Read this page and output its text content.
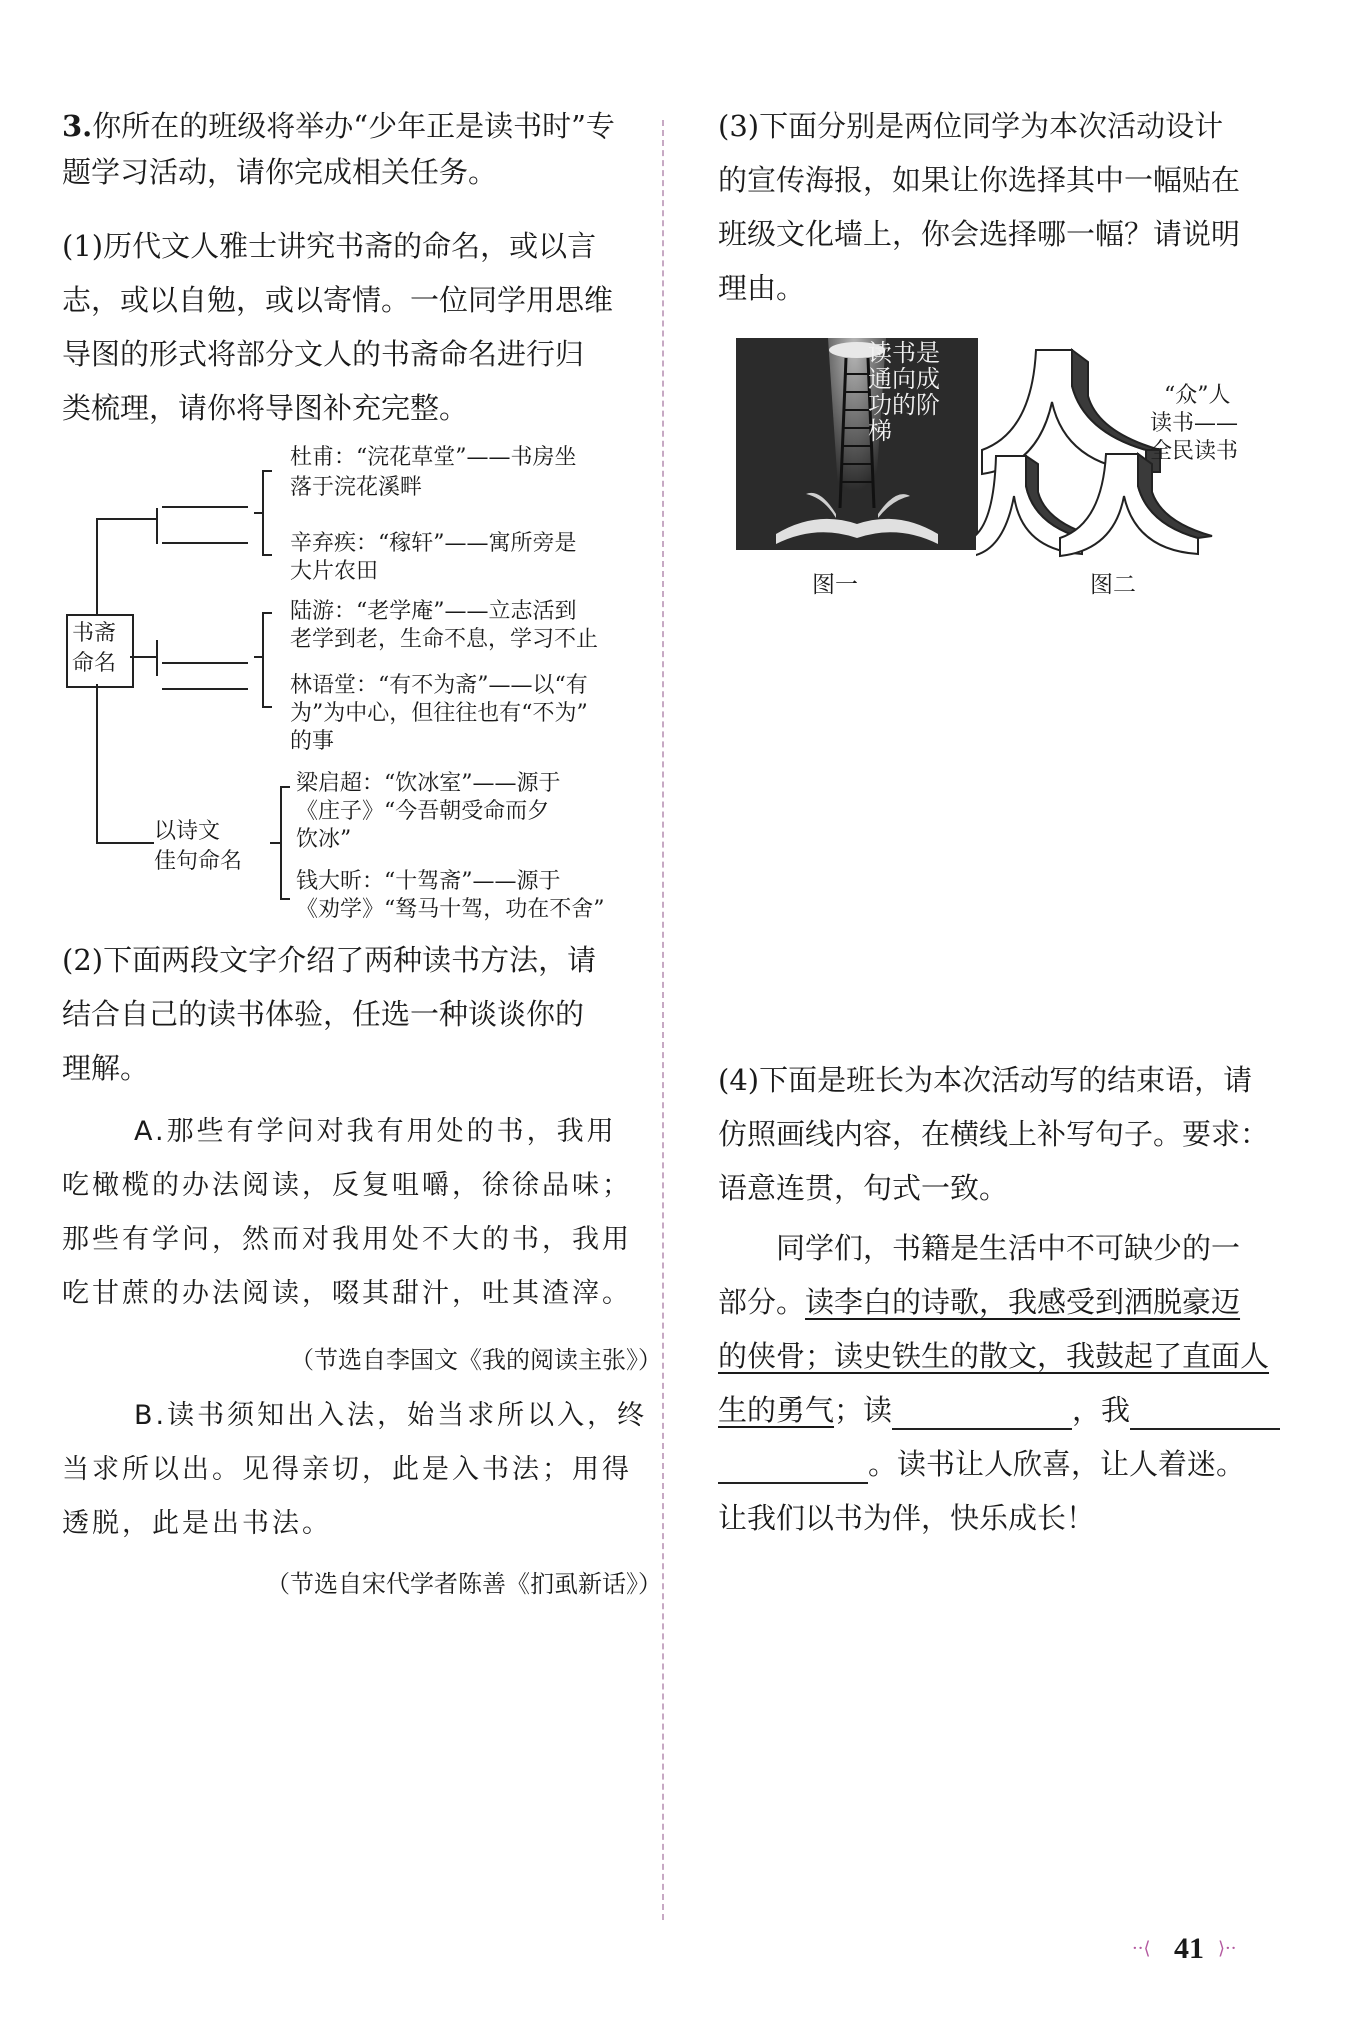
3.你所在的班级将举办“少年正是读书时”专
题学习活动，请你完成相关任务。
(1)历代文人雅士讲究书斋的命名，或以言
志，或以自勉，或以寄情。一位同学用思维
导图的形式将部分文人的书斋命名进行归
类梳理，请你将导图补充完整。
书斋
命名
以诗文
佳句命名
杜甫：“浣花草堂”——书房坐
落于浣花溪畔
辛弃疾：“稼轩”——寓所旁是
大片农田
陆游：“老学庵”——立志活到
老学到老，生命不息，学习不止
林语堂：“有不为斋”——以“有
为”为中心，但往往也有“不为”
的事
梁启超：“饮冰室”——源于
《庄子》“今吾朝受命而夕
饮冰”
钱大昕：“十驾斋”——源于
《劝学》“驽马十驾，功在不舍”
(2)下面两段文字介绍了两种读书方法，请
结合自己的读书体验，任选一种谈谈你的
理解。
A.那些有学问对我有用处的书，我用
吃橄榄的办法阅读，反复咀嚼，徐徐品味；
那些有学问，然而对我用处不大的书，我用
吃甘蔗的办法阅读，啜其甜汁，吐其渣滓。
（节选自李国文《我的阅读主张》）
B.读书须知出入法，始当求所以入，终
当求所以出。见得亲切，此是入书法；用得
透脱，此是出书法。
（节选自宋代学者陈善《扪虱新话》）
(3)下面分别是两位同学为本次活动设计
的宣传海报，如果让你选择其中一幅贴在
班级文化墙上，你会选择哪一幅？请说明
理由。
读书是
通向成
功的阶
梯
图一
“众”人
读书——
全民读书
图二
(4)下面是班长为本次活动写的结束语，请
仿照画线内容，在横线上补写句子。要求：
语意连贯，句式一致。
同学们，书籍是生活中不可缺少的一
部分。读李白的诗歌，我感受到洒脱豪迈
的侠骨；读史铁生的散文，我鼓起了直面人
生的勇气；读	，我
。读书让人欣喜，让人着迷。
让我们以书为伴，快乐成长！
··⟨ 41 ⟩··
